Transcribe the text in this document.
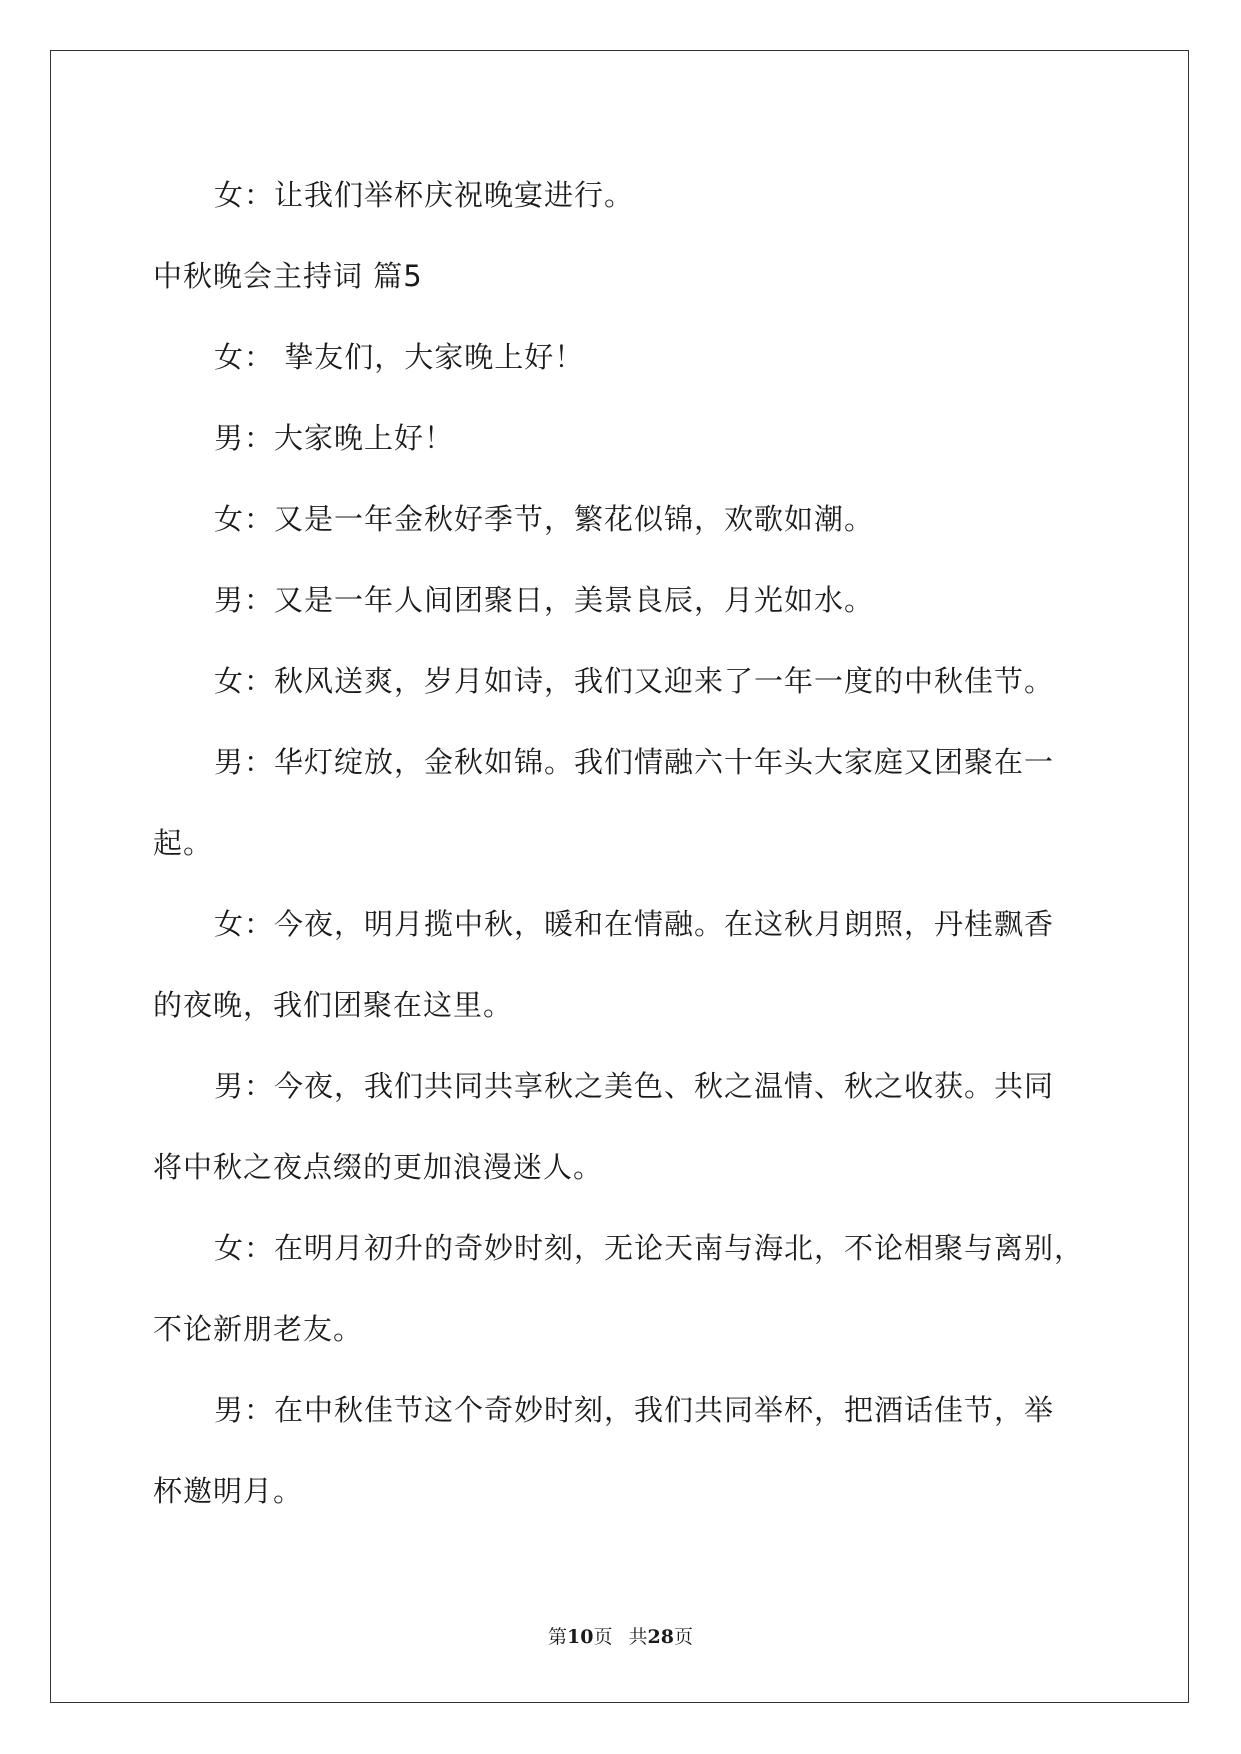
女：让我们举杯庆祝晚宴进行。
中秋晚会主持词 篇5
女： 挚友们，大家晚上好！
男：大家晚上好！
女：又是一年金秋好季节，繁花似锦，欢歌如潮。
男：又是一年人间团聚日，美景良辰，月光如水。
女：秋风送爽，岁月如诗，我们又迎来了一年一度的中秋佳节。
男：华灯绽放，金秋如锦。我们情融六十年头大家庭又团聚在一
起。
女：今夜，明月揽中秋，暖和在情融。在这秋月朗照，丹桂飘香
的夜晚，我们团聚在这里。
男：今夜，我们共同共享秋之美色、秋之温情、秋之收获。共同
将中秋之夜点缀的更加浪漫迷人。
女：在明月初升的奇妙时刻，无论天南与海北，不论相聚与离别，
不论新朋老友。
男：在中秋佳节这个奇妙时刻，我们共同举杯，把酒话佳节，举
杯邀明月。
第10页 共28页
